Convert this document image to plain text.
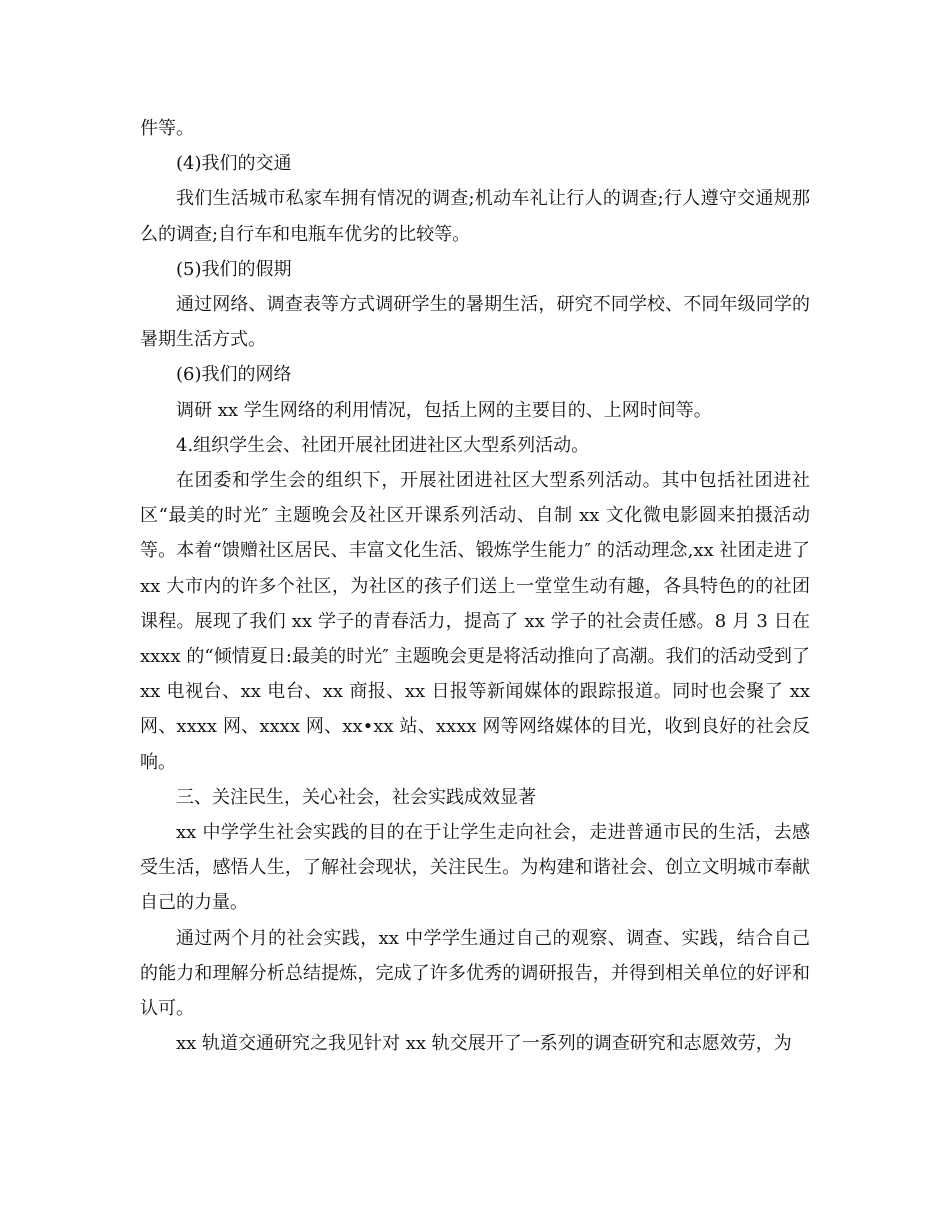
件等。

(4)我们的交通

我们生活城市私家车拥有情况的调查;机动车礼让行人的调查;行人遵守交通规那么的调查;自行车和电瓶车优劣的比较等。

(5)我们的假期

通过网络、调查表等方式调研学生的暑期生活，研究不同学校、不同年级同学的暑期生活方式。

(6)我们的网络

调研 xx 学生网络的利用情况，包括上网的主要目的、上网时间等。

4.组织学生会、社团开展社团进社区大型系列活动。

在团委和学生会的组织下，开展社团进社区大型系列活动。其中包括社团进社区“最美的时光″ 主题晚会及社区开课系列活动、自制 xx 文化微电影圆来拍摄活动等。本着“馈赠社区居民、丰富文化生活、锻炼学生能力″ 的活动理念,xx 社团走进了 xx 大市内的许多个社区，为社区的孩子们送上一堂堂生动有趣，各具特色的的社团课程。展现了我们 xx 学子的青春活力，提高了 xx 学子的社会责任感。8 月 3 日在 xxxx 的“倾情夏日:最美的时光″ 主题晚会更是将活动推向了高潮。我们的活动受到了 xx 电视台、xx 电台、xx 商报、xx 日报等新闻媒体的跟踪报道。同时也会聚了 xx 网、xxxx 网、xxxx 网、xx•xx 站、xxxx 网等网络媒体的目光，收到良好的社会反响。

三、关注民生，关心社会，社会实践成效显著

xx 中学学生社会实践的目的在于让学生走向社会，走进普通市民的生活，去感受生活，感悟人生，了解社会现状，关注民生。为构建和谐社会、创立文明城市奉献自己的力量。

通过两个月的社会实践，xx 中学学生通过自己的观察、调查、实践，结合自己的能力和理解分析总结提炼，完成了许多优秀的调研报告，并得到相关单位的好评和认可。

xx 轨道交通研究之我见针对 xx 轨交展开了一系列的调查研究和志愿效劳，为
